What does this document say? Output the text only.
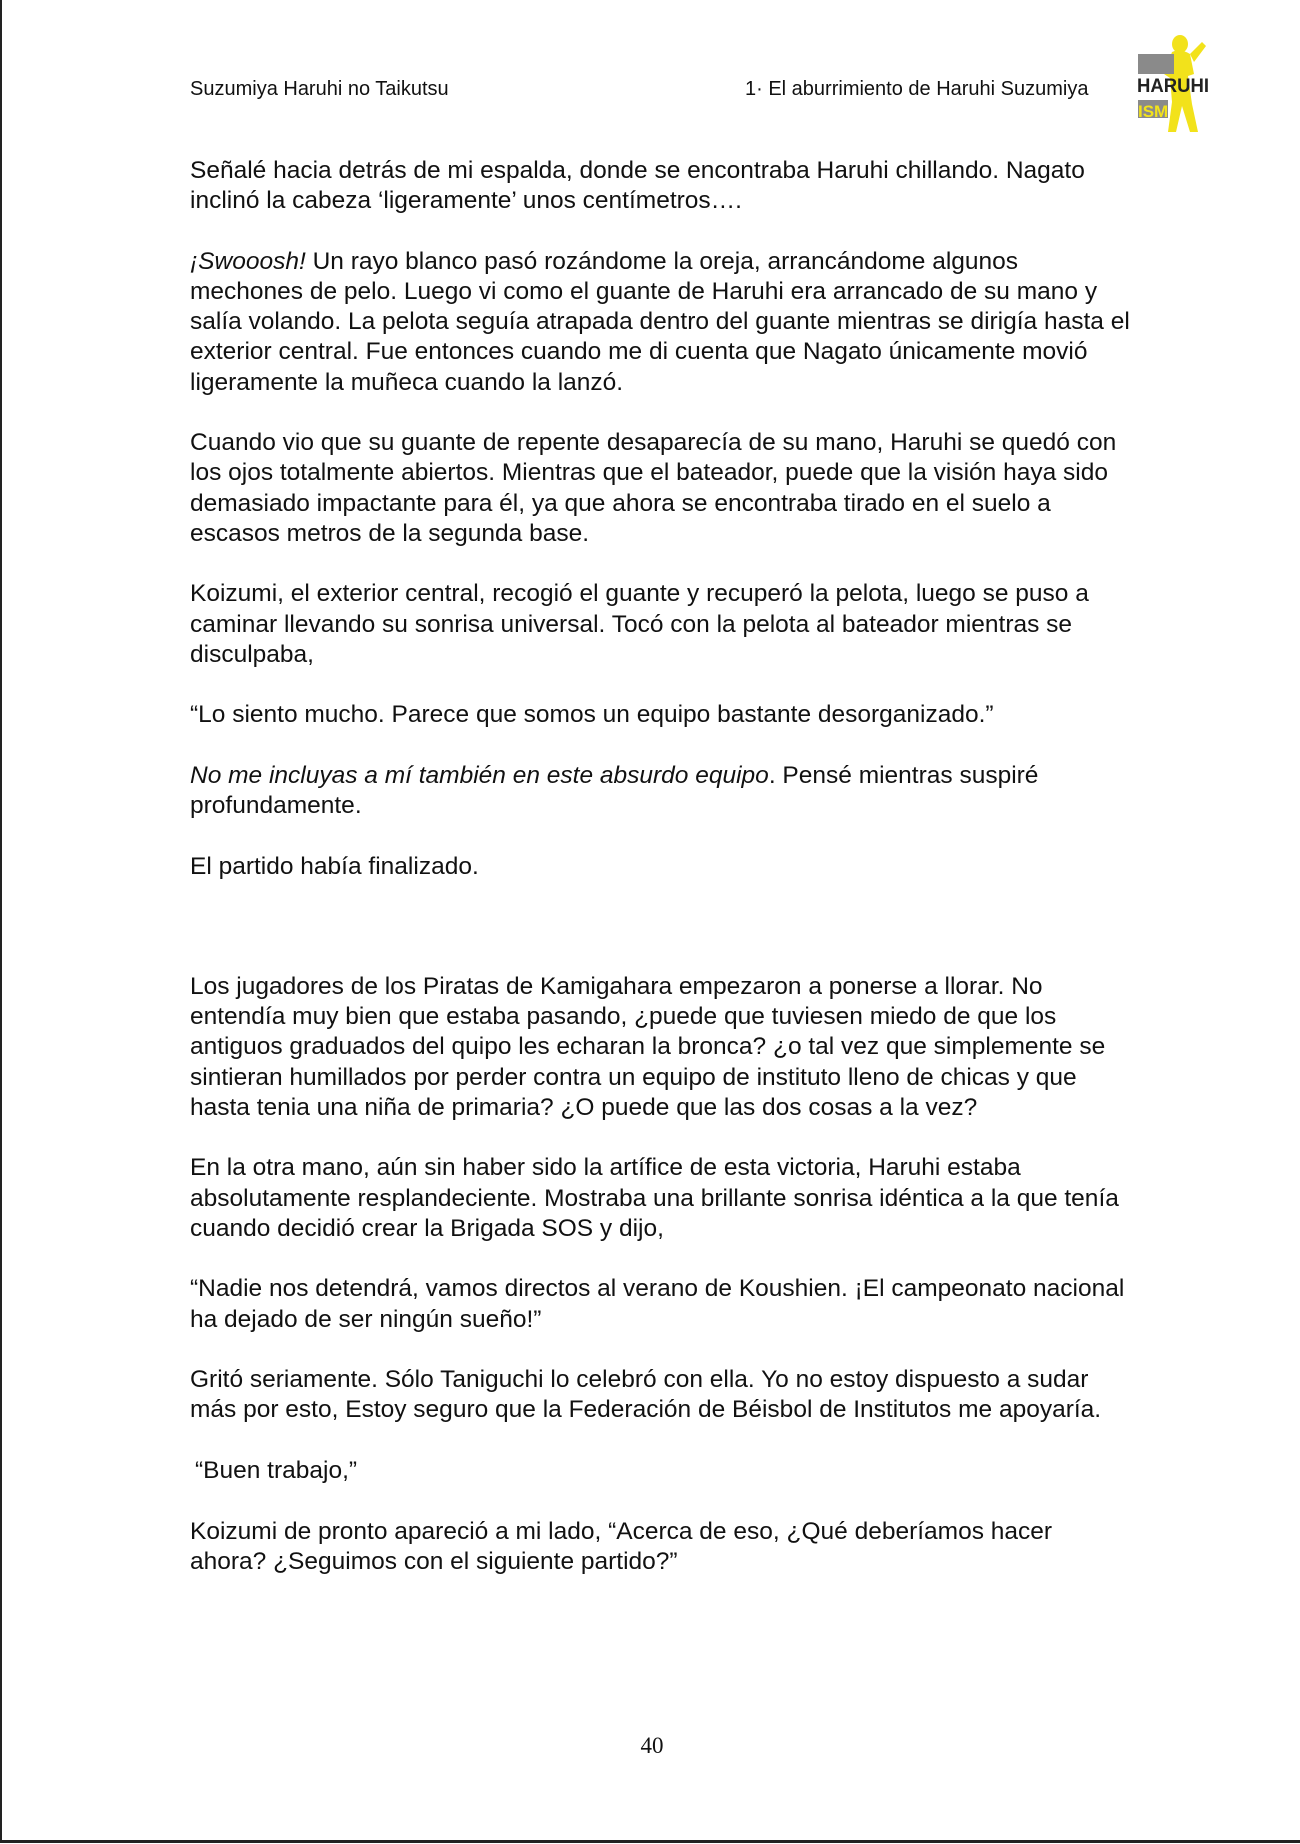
Suzumiya Haruhi no Taikutsu	1· El aburrimiento de Haruhi Suzumiya	HARUHI
ISM

Señalé hacia detrás de mi espalda, donde se encontraba Haruhi chillando. Nagato inclinó la cabeza ‘ligeramente’ unos centímetros….

¡Swooosh! Un rayo blanco pasó rozándome la oreja, arrancándome algunos mechones de pelo. Luego vi como el guante de Haruhi era arrancado de su mano y salía volando. La pelota seguía atrapada dentro del guante mientras se dirigía hasta el exterior central. Fue entonces cuando me di cuenta que Nagato únicamente movió ligeramente la muñeca cuando la lanzó.

Cuando vio que su guante de repente desaparecía de su mano, Haruhi se quedó con los ojos totalmente abiertos. Mientras que el bateador, puede que la visión haya sido demasiado impactante para él, ya que ahora se encontraba tirado en el suelo a escasos metros de la segunda base.

Koizumi, el exterior central, recogió el guante y recuperó la pelota, luego se puso a caminar llevando su sonrisa universal. Tocó con la pelota al bateador mientras se disculpaba,

“Lo siento mucho. Parece que somos un equipo bastante desorganizado.”

No me incluyas a mí también en este absurdo equipo. Pensé mientras suspiré profundamente.

El partido había finalizado.

Los jugadores de los Piratas de Kamigahara empezaron a ponerse a llorar. No entendía muy bien que estaba pasando, ¿puede que tuviesen miedo de que los antiguos graduados del quipo les echaran la bronca? ¿o tal vez que simplemente se sintieran humillados por perder contra un equipo de instituto lleno de chicas y que hasta tenia una niña de primaria? ¿O puede que las dos cosas a la vez?

En la otra mano, aún sin haber sido la artífice de esta victoria, Haruhi estaba absolutamente resplandeciente. Mostraba una brillante sonrisa idéntica a la que tenía cuando decidió crear la Brigada SOS y dijo,

“Nadie nos detendrá, vamos directos al verano de Koushien. ¡El campeonato nacional ha dejado de ser ningún sueño!”

Gritó seriamente. Sólo Taniguchi lo celebró con ella. Yo no estoy dispuesto a sudar más por esto, Estoy seguro que la Federación de Béisbol de Institutos me apoyaría.

“Buen trabajo,”

Koizumi de pronto apareció a mi lado, “Acerca de eso, ¿Qué deberíamos hacer ahora? ¿Seguimos con el siguiente partido?”

40
